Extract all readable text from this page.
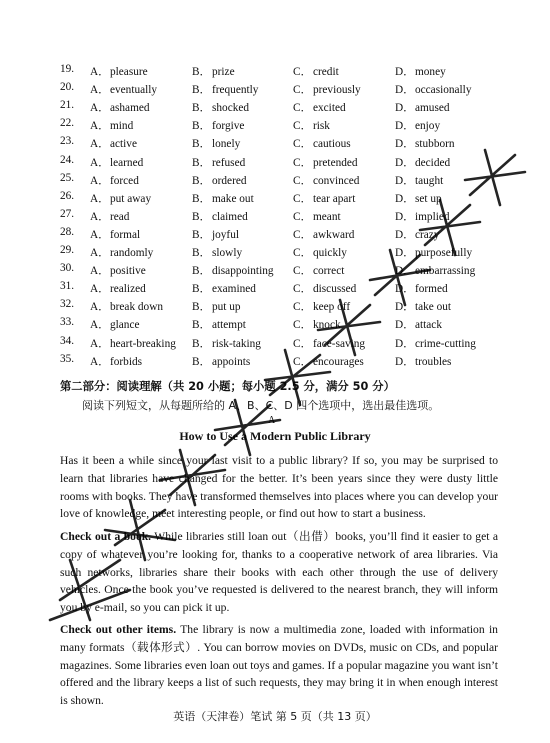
19. A．pleasure	B．prize	C．credit	D．money
20. A．eventually	B．frequently	C．previously	D．occasionally
21. A．ashamed	B．shocked	C．excited	D．amused
22. A．mind	B．forgive	C．risk	D．enjoy
23. A．active	B．lonely	C．cautious	D．stubborn
24. A．learned	B．refused	C．pretended	D．decided
25. A．forced	B．ordered	C．convinced	D．taught
26. A．put away	B．make out	C．tear apart	D．set up
27. A．read	B．claimed	C．meant	D．implied
28. A．formal	B．joyful	C．awkward	D．crazy
29. A．randomly	B．slowly	C．quickly	D．purposefully
30. A．positive	B．disappointing C．correct	D．embarrassing
31. A．realized	B．examined	C．discussed	D．formed
32. A．break down	B．put up	C．keep off	D．take out
33. A．glance	B．attempt	C．knock	D．attack
34. A．heart-breaking B．risk-taking	C．face-saving	D．crime-cutting
35. A．forbids	B．appoints	C．encourages	D．troubles
第二部分：阅读理解（共 20 小题；每小题 2.5 分，满分 50 分）
阅读下列短文，从每题所给的 A、B、C、D 四个选项中，选出最佳选项。
A
How to Use a Modern Public Library

Has it been a while since your last visit to a public library? If so, you may be surprised to learn that libraries have changed for the better. It’s been years since they were dusty little rooms with books. They have transformed themselves into places where you can develop your love of knowledge, meet interesting people, or find out how to start a business.

Check out a book. While libraries still loan out（出借）books, you’ll find it easier to get a copy of whatever you’re looking for, thanks to a cooperative network of area libraries. Via such networks, libraries share their books with each other through the use of delivery vehicles. Once the book you’ve requested is delivered to the nearest branch, they will inform you by e-mail, so you can pick it up.

Check out other items. The library is now a multimedia zone, loaded with information in many formats（载体形式）. You can borrow movies on DVDs, music on CDs, and popular magazines. Some libraries even loan out toys and games. If a popular magazine you want isn’t offered and the library keeps a list of such requests, they may bring it in when enough interest is shown.

英语（天津卷）笔试 第 5 页（共 13 页）
